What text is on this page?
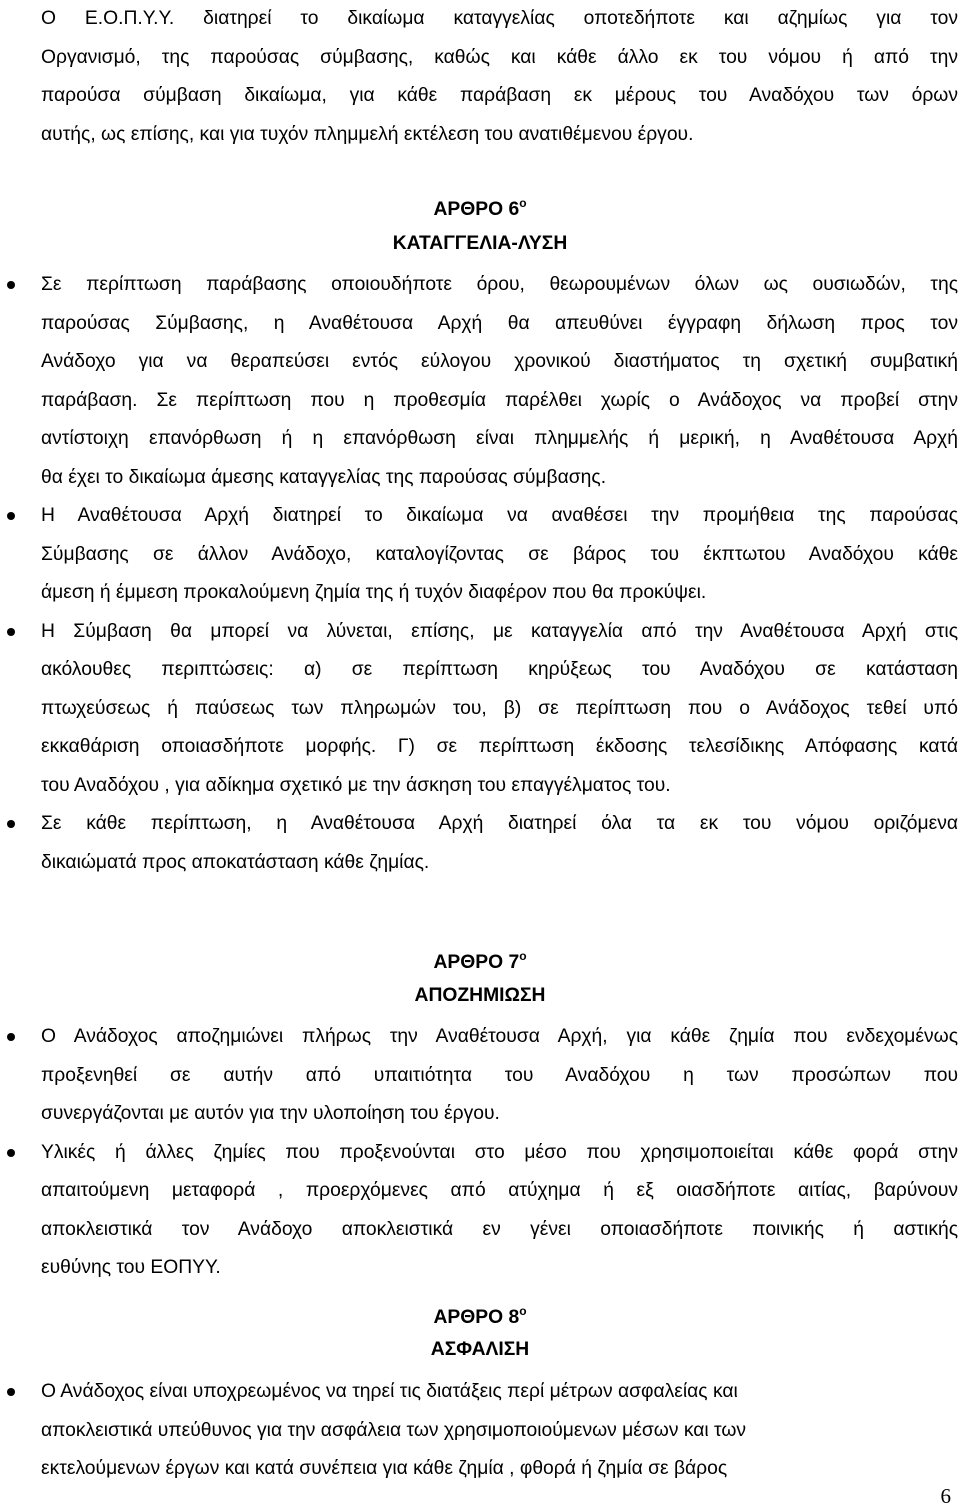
Ο Ε.Ο.Π.Υ.Υ. διατηρεί το δικαίωμα καταγγελίας οποτεδήποτε και αζημίως για τον
Οργανισμό, της παρούσας σύμβασης, καθώς και κάθε άλλο εκ του νόμου ή από την
παρούσα σύμβαση δικαίωμα, για κάθε παράβαση εκ μέρους του Αναδόχου των όρων
αυτής, ως επίσης, και για τυχόν πλημμελή εκτέλεση του ανατιθέμενου έργου.
ΑΡΘΡΟ $6^o$
ΚΑΤΑΓΓΕΛΙΑ-ΛΥΣΗ
Σε περίπτωση παράβασης οποιουδήποτε όρου, θεωρουμένων όλων ως ουσιωδών, της
παρούσας Σύμβασης, η Αναθέτουσα Αρχή θα απευθύνει έγγραφη δήλωση προς τον
Ανάδοχο για να θεραπεύσει εντός εύλογου χρονικού διαστήματος τη σχετική συμβατική
παράβαση. Σε περίπτωση που η προθεσμία παρέλθει χωρίς ο Ανάδοχος να προβεί στην
αντίστοιχη επανόρθωση ή η επανόρθωση είναι πλημμελής ή μερική, η Αναθέτουσα Αρχή
θα έχει το δικαίωμα άμεσης καταγγελίας της παρούσας σύμβασης.
Η Αναθέτουσα Αρχή διατηρεί το δικαίωμα να αναθέσει την προμήθεια της παρούσας
Σύμβασης σε άλλον Ανάδοχο, καταλογίζοντας σε βάρος του έκπτωτου Αναδόχου κάθε
άμεση ή έμμεση προκαλούμενη ζημία της ή τυχόν διαφέρον που θα προκύψει.
Η Σύμβαση θα μπορεί να λύνεται, επίσης, με καταγγελία από την Αναθέτουσα Αρχή στις
ακόλουθες περιπτώσεις: α) σε περίπτωση κηρύξεως του Αναδόχου σε κατάσταση
πτωχεύσεως ή παύσεως των πληρωμών του, β) σε περίπτωση που ο Ανάδοχος τεθεί υπό
εκκαθάριση οποιασδήποτε μορφής. Γ) σε περίπτωση έκδοσης τελεσίδικης Απόφασης κατά
του Αναδόχου , για αδίκημα σχετικό με την άσκηση του επαγγέλματος του.
Σε κάθε περίπτωση, η Αναθέτουσα Αρχή διατηρεί όλα τα εκ του νόμου οριζόμενα
δικαιώματά προς αποκατάσταση κάθε ζημίας.
ΑΡΘΡΟ $7^o$
ΑΠΟΖΗΜΙΩΣΗ
Ο Ανάδοχος αποζημιώνει πλήρως την Αναθέτουσα Αρχή, για κάθε ζημία που ενδεχομένως
προξενηθεί σε αυτήν από υπαιτιότητα του Αναδόχου η των προσώπων που
συνεργάζονται με αυτόν για την υλοποίηση του έργου.
Υλικές ή άλλες ζημίες που προξενούνται στο μέσο που χρησιμοποιείται κάθε φορά στην
απαιτούμενη μεταφορά , προερχόμενες από ατύχημα ή εξ οιασδήποτε αιτίας, βαρύνουν
αποκλειστικά τον Ανάδοχο αποκλειστικά εν γένει οποιασδήποτε ποινικής ή αστικής
ευθύνης του ΕΟΠΥΥ.
ΑΡΘΡΟ $8^o$
ΑΣΦΑΛΙΣΗ
Ο Ανάδοχος είναι υποχρεωμένος να τηρεί τις διατάξεις περί μέτρων ασφαλείας και
αποκλειστικά υπεύθυνος για την ασφάλεια των χρησιμοποιούμενων μέσων και των
εκτελούμενων έργων και κατά συνέπεια για κάθε ζημία , φθορά ή ζημία σε βάρος
6
